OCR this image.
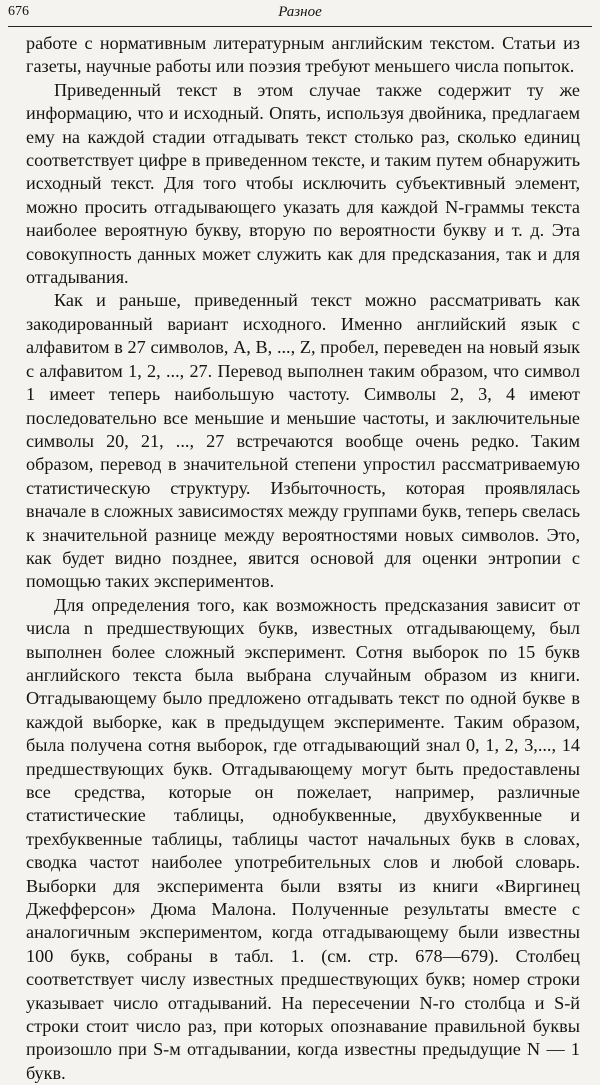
676	Разное

работе с нормативным литературным английским текстом. Статьи из газеты, научные работы или поэзия требуют меньшего числа попыток.

Приведенный текст в этом случае также содержит ту же информацию, что и исходный. Опять, используя двойника, предлагаем ему на каждой стадии отгадывать текст столько раз, сколько единиц соответствует цифре в приведенном тексте, и таким путем обнаружить исходный текст. Для того чтобы исключить субъективный элемент, можно просить отгадывающего указать для каждой N-граммы текста наиболее вероятную букву, вторую по вероятности букву и т. д. Эта совокупность данных может служить как для предсказания, так и для отгадывания.

Как и раньше, приведенный текст можно рассматривать как закодированный вариант исходного. Именно английский язык с алфавитом в 27 символов, A, B, ..., Z, пробел, переведен на новый язык с алфавитом 1, 2, ..., 27. Перевод выполнен таким образом, что символ 1 имеет теперь наибольшую частоту. Символы 2, 3, 4 имеют последовательно все меньшие и меньшие частоты, и заключительные символы 20, 21, ..., 27 встречаются вообще очень редко. Таким образом, перевод в значительной степени упростил рассматриваемую статистическую структуру. Избыточность, которая проявлялась вначале в сложных зависимостях между группами букв, теперь свелась к значительной разнице между вероятностями новых символов. Это, как будет видно позднее, явится основой для оценки энтропии с помощью таких экспериментов.

Для определения того, как возможность предсказания зависит от числа n предшествующих букв, известных отгадывающему, был выполнен более сложный эксперимент. Сотня выборок по 15 букв английского текста была выбрана случайным образом из книги. Отгадывающему было предложено отгадывать текст по одной букве в каждой выборке, как в предыдущем эксперименте. Таким образом, была получена сотня выборок, где отгадывающий знал 0, 1, 2, 3,..., 14 предшествующих букв. Отгадывающему могут быть предоставлены все средства, которые он пожелает, например, различные статистические таблицы, однобуквенные, двухбуквенные и трехбуквенные таблицы, таблицы частот начальных букв в словах, сводка частот наиболее употребительных слов и любой словарь. Выборки для эксперимента были взяты из книги «Виргинец Джефферсон» Дюма Малона. Полученные результаты вместе с аналогичным экспериментом, когда отгадывающему были известны 100 букв, собраны в табл. 1. (см. стр. 678—679). Столбец соответствует числу известных предшествующих букв; номер строки указывает число отгадываний. На пересечении N-го столбца и S-й строки стоит число раз, при которых опознавание правильной буквы произошло при S-м отгадывании, когда известны предыдущие N — 1 букв.
